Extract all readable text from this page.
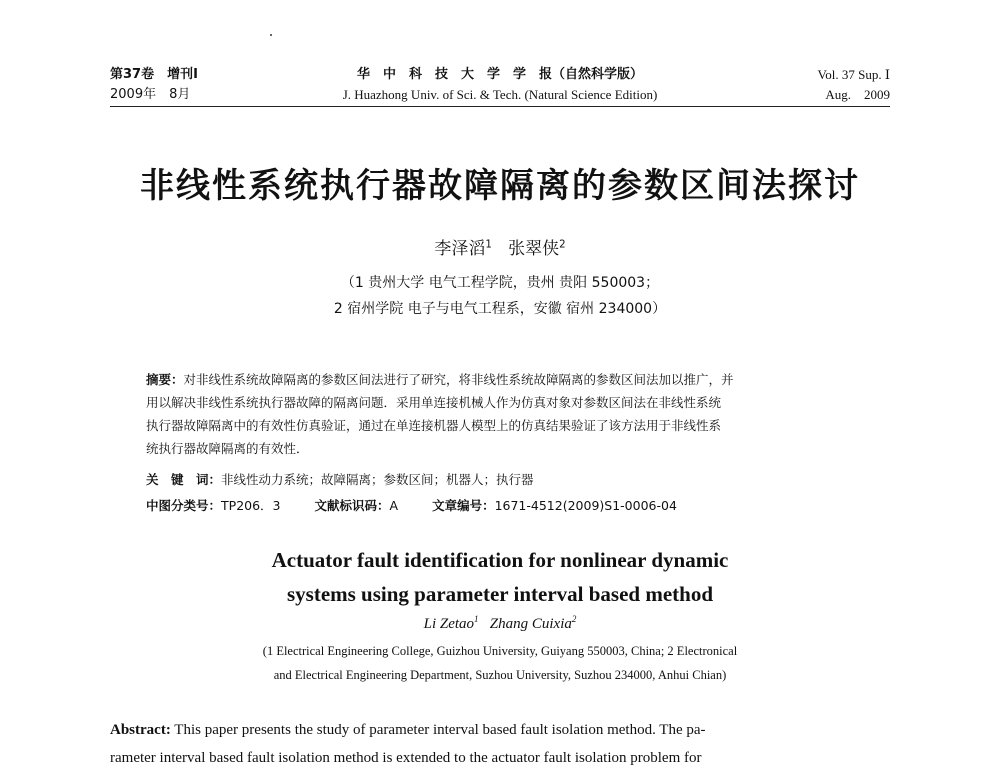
第37卷　增刊Ⅰ	华　中　科　技　大　学　学　报（自然科学版）	Vol. 37 Sup. Ⅰ
2009年　8月	J. Huazhong Univ. of Sci. & Tech. (Natural Science Edition)	Aug.　2009
非线性系统执行器故障隔离的参数区间法探讨
李泽滔$^1$ 张翠侠$^2$
（1 贵州大学 电气工程学院，贵州 贵阳 550003；
2 宿州学院 电子与电气工程系，安徽 宿州 234000）
摘要：对非线性系统故障隔离的参数区间法进行了研究，将非线性系统故障隔离的参数区间法加以推广，并
用以解决非线性系统执行器故障的隔离问题．采用单连接机械人作为仿真对象对参数区间法在非线性系统
执行器故障隔离中的有效性仿真验证，通过在单连接机器人模型上的仿真结果验证了该方法用于非线性系
统执行器故障隔离的有效性．
关　键　词：非线性动力系统；故障隔离；参数区间；机器人；执行器
中图分类号：TP206．3	文献标识码：A	文章编号：1671-4512(2009)S1-0006-04
Actuator fault identification for nonlinear dynamic
systems using parameter interval based method
Li Zetao$^1$ Zhang Cuixia$^2$
(1 Electrical Engineering College, Guizhou University, Guiyang 550003, China; 2 Electronical
and Electrical Engineering Department, Suzhou University, Suzhou 234000, Anhui Chian)
Abstract: This paper presents the study of parameter interval based fault isolation method. The pa-
rameter interval based fault isolation method is extended to the actuator fault isolation problem for
